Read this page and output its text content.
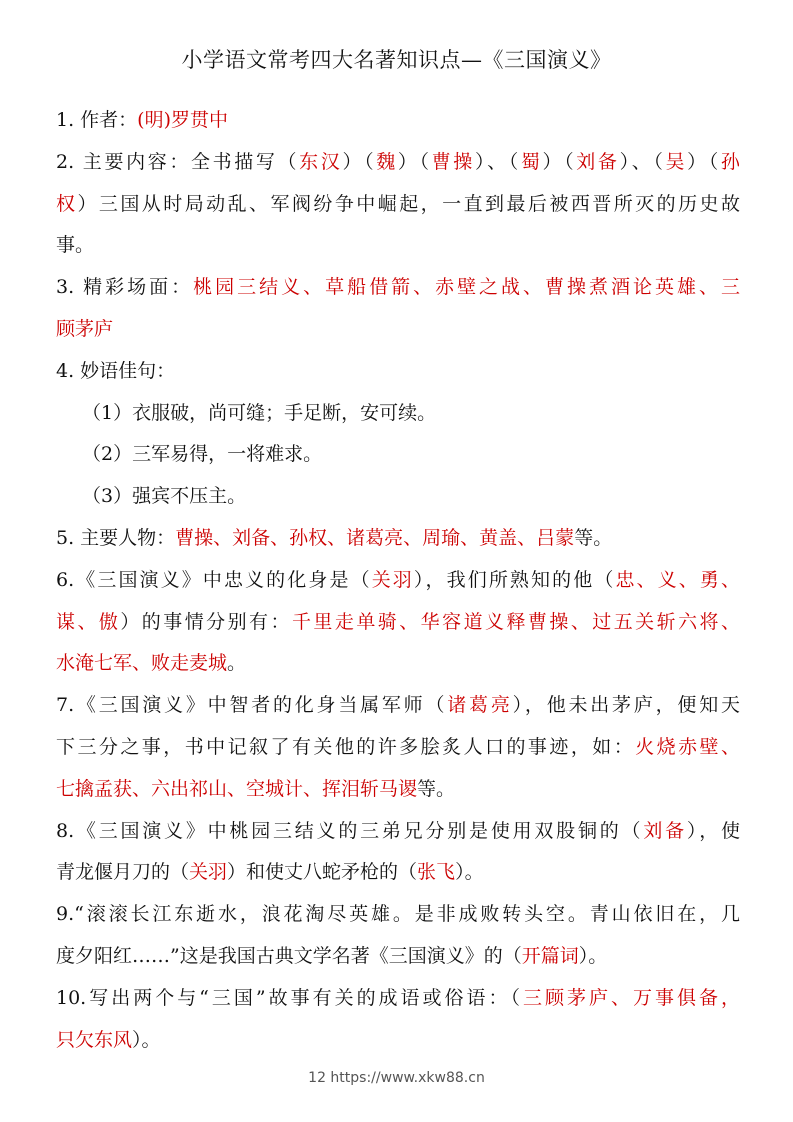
小学语文常考四大名著知识点—《三国演义》
1. 作者：(明)罗贯中
2. 主要内容：全书描写（东汉）（魏）（曹操）、（蜀）（刘备）、（吴）（孙
权）三国从时局动乱、军阀纷争中崛起，一直到最后被西晋所灭的历史故
事。
3. 精彩场面：桃园三结义、草船借箭、赤壁之战、曹操煮酒论英雄、三
顾茅庐
4. 妙语佳句：
（1）衣服破，尚可缝；手足断，安可续。
（2）三军易得，一将难求。
（3）强宾不压主。
5. 主要人物：曹操、刘备、孙权、诸葛亮、周瑜、黄盖、吕蒙等。
6.《三国演义》中忠义的化身是（关羽），我们所熟知的他（忠、义、勇、
谋、傲）的事情分别有：千里走单骑、华容道义释曹操、过五关斩六将、
水淹七军、败走麦城。
7.《三国演义》中智者的化身当属军师（诸葛亮），他未出茅庐，便知天
下三分之事，书中记叙了有关他的许多脍炙人口的事迹，如：火烧赤壁、
七擒孟获、六出祁山、空城计、挥泪斩马谡等。
8.《三国演义》中桃园三结义的三弟兄分别是使用双股铜的（刘备），使
青龙偃月刀的（关羽）和使丈八蛇矛枪的（张飞）。
9.“滚滚长江东逝水，浪花淘尽英雄。是非成败转头空。青山依旧在，几
度夕阳红……”这是我国古典文学名著《三国演义》的（开篇词）。
10.写出两个与“三国”故事有关的成语或俗语：（三顾茅庐、万事俱备，
只欠东风）。
12 https://www.xkw88.cn
